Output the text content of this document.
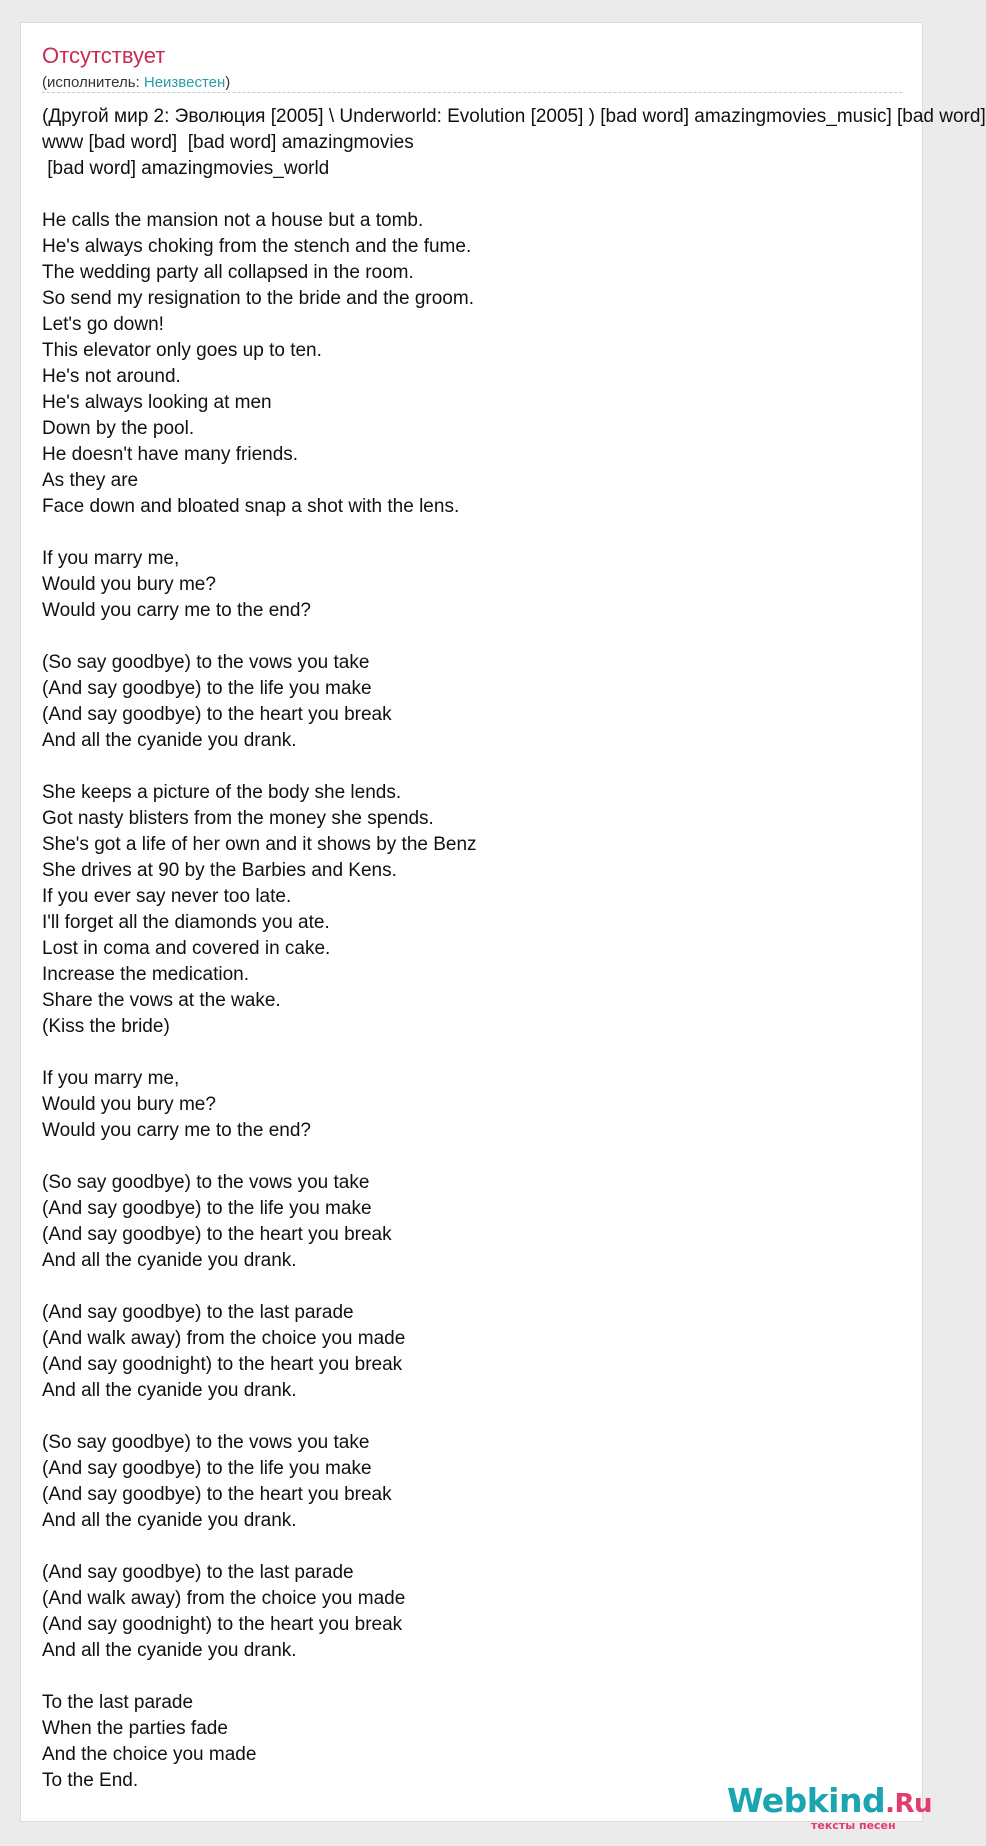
Отсутствует
(исполнитель: Неизвестен)
(Другой мир 2: Эволюция [2005] \ Underworld: Evolution [2005] ) [bad word] amazingmovies_music] [bad word]
www [bad word]  [bad word] amazingmovies
[bad word] amazingmovies_world
He calls the mansion not a house but a tomb.
He's always choking from the stench and the fume.
The wedding party all collapsed in the room.
So send my resignation to the bride and the groom.
Let's go down!
This elevator only goes up to ten.
He's not around.
He's always looking at men
Down by the pool.
He doesn't have many friends.
As they are
Face down and bloated snap a shot with the lens.
If you marry me,
Would you bury me?
Would you carry me to the end?
(So say goodbye) to the vows you take
(And say goodbye) to the life you make
(And say goodbye) to the heart you break
And all the cyanide you drank.
She keeps a picture of the body she lends.
Got nasty blisters from the money she spends.
She's got a life of her own and it shows by the Benz
She drives at 90 by the Barbies and Kens.
If you ever say never too late.
I'll forget all the diamonds you ate.
Lost in coma and covered in cake.
Increase the medication.
Share the vows at the wake.
(Kiss the bride)
If you marry me,
Would you bury me?
Would you carry me to the end?
(So say goodbye) to the vows you take
(And say goodbye) to the life you make
(And say goodbye) to the heart you break
And all the cyanide you drank.
(And say goodbye) to the last parade
(And walk away) from the choice you made
(And say goodnight) to the heart you break
And all the cyanide you drank.
(So say goodbye) to the vows you take
(And say goodbye) to the life you make
(And say goodbye) to the heart you break
And all the cyanide you drank.
(And say goodbye) to the last parade
(And walk away) from the choice you made
(And say goodnight) to the heart you break
And all the cyanide you drank.
To the last parade
When the parties fade
And the choice you made
To the End.
Webkind.Ru
тексты песен
